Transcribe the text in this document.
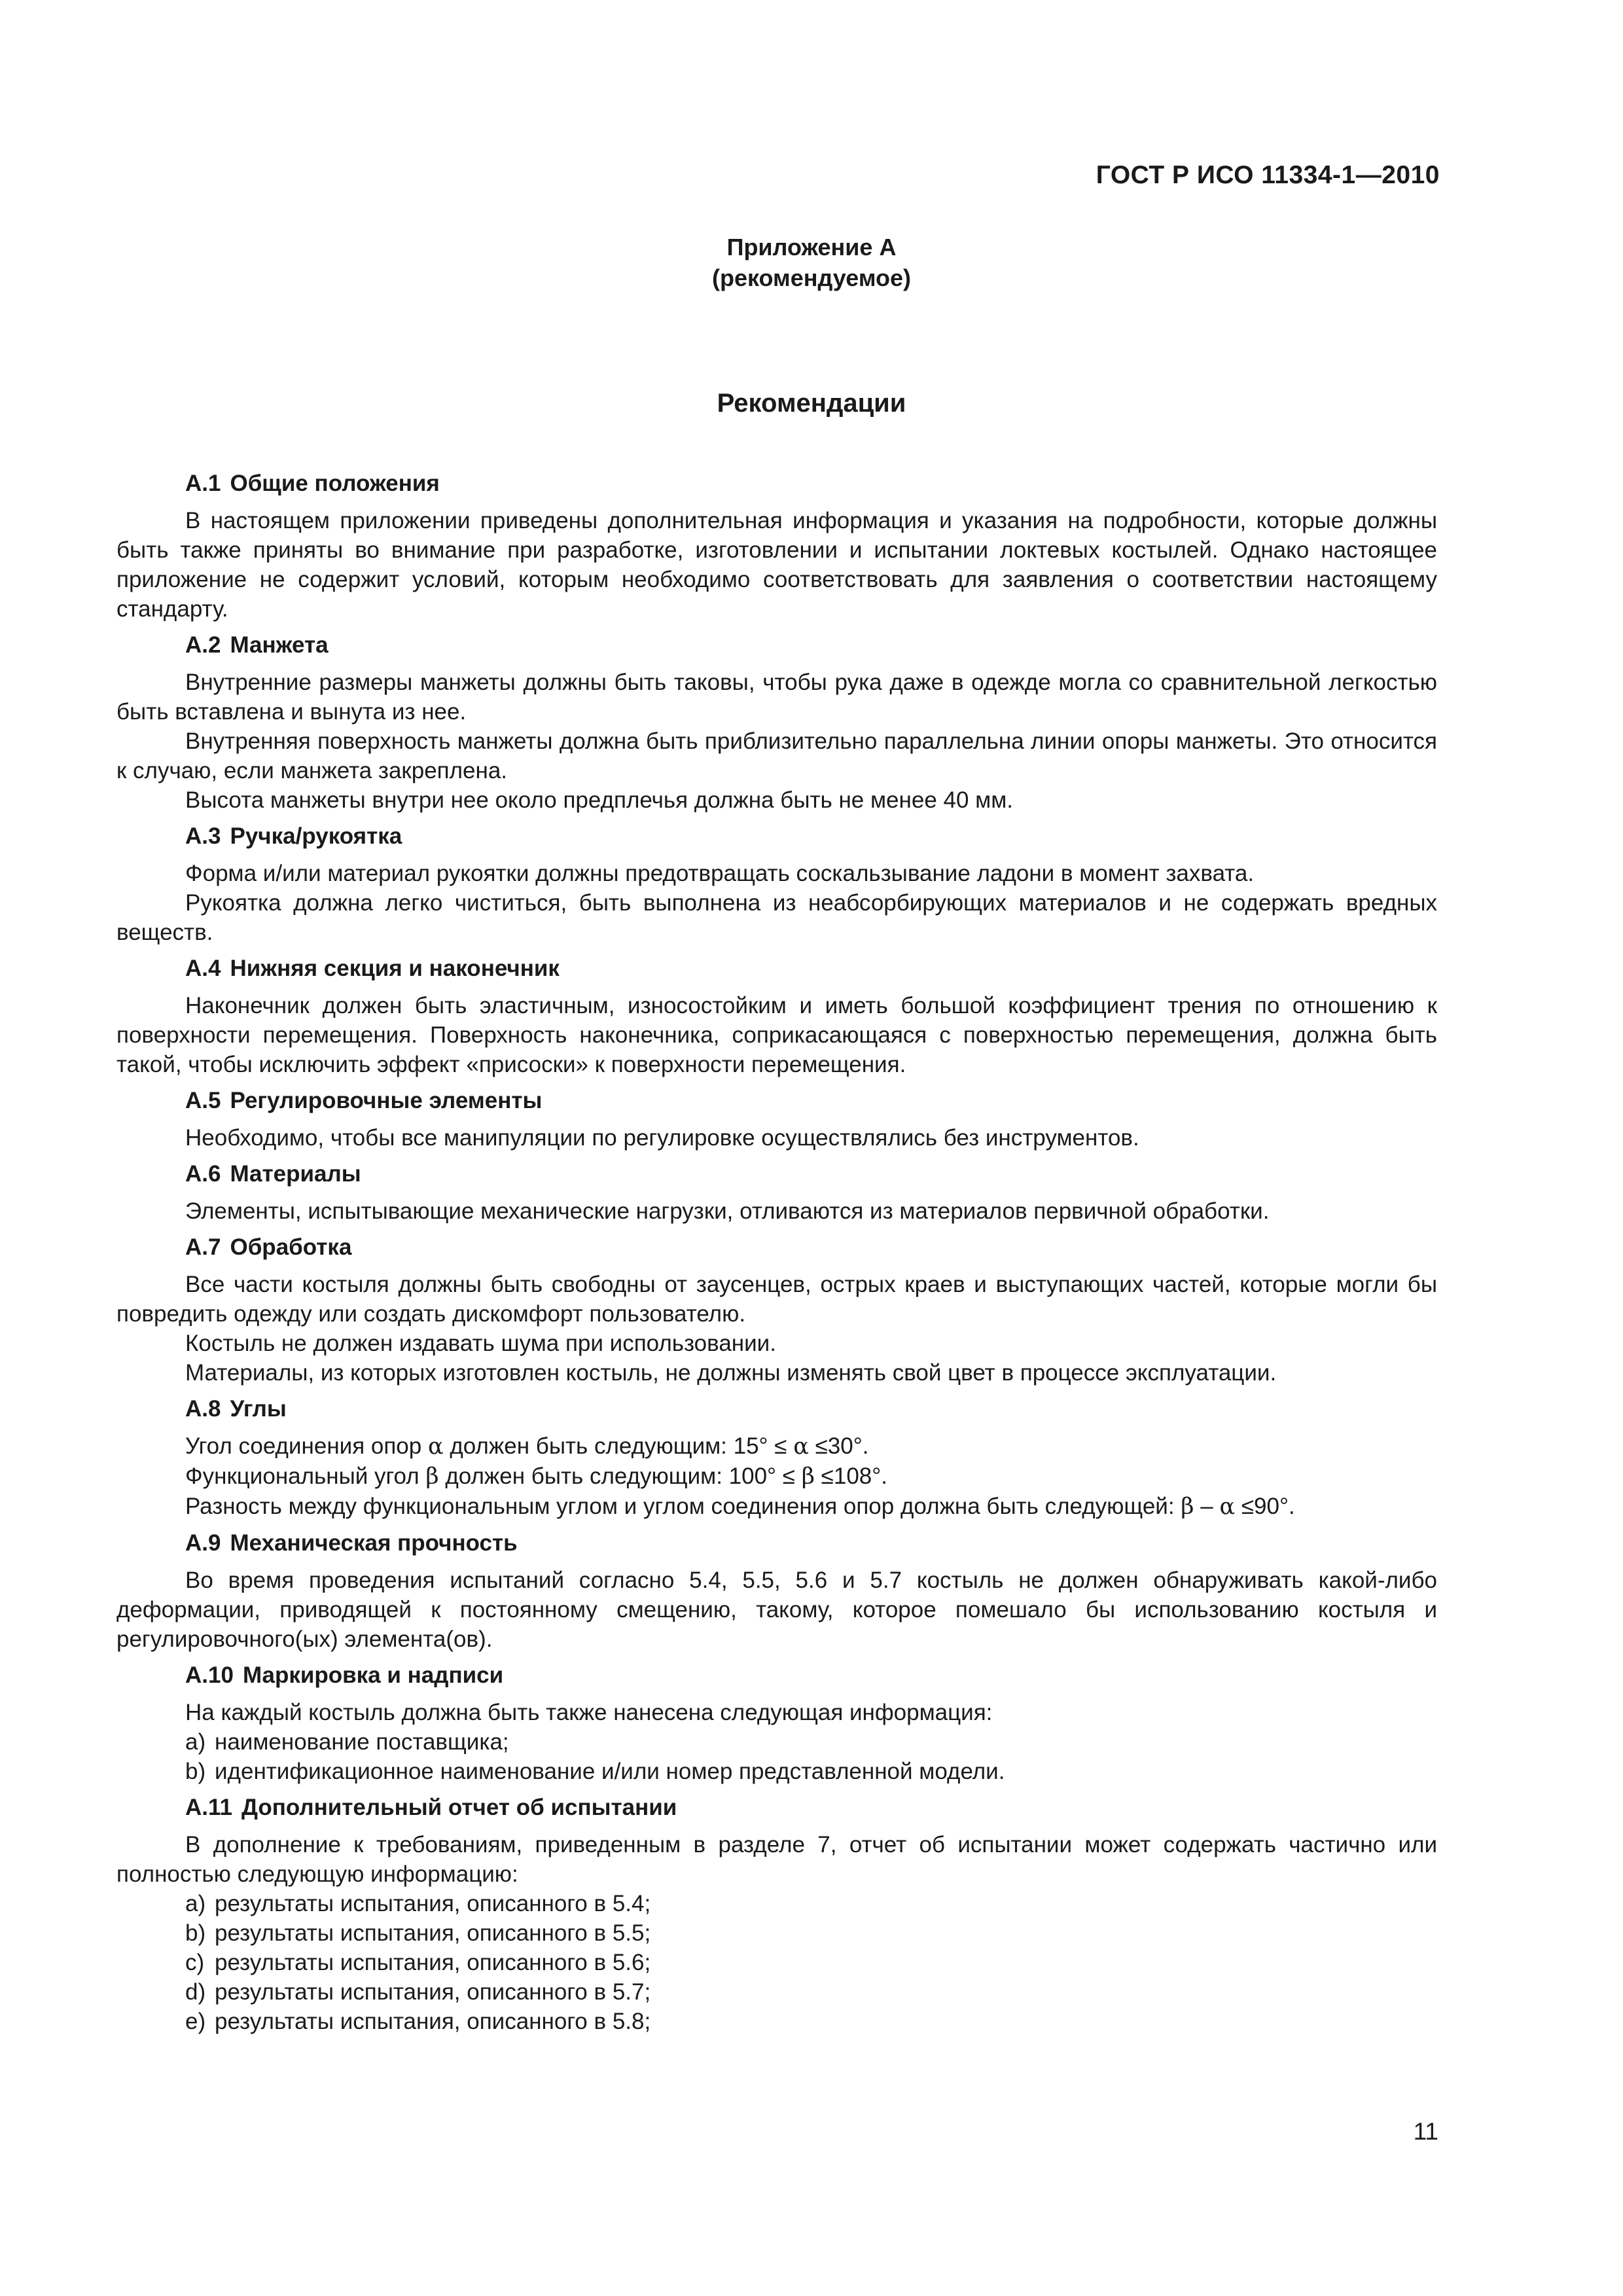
ГОСТ Р ИСО 11334-1—2010
Приложение А
(рекомендуемое)
Рекомендации
А.1 Общие положения

В настоящем приложении приведены дополнительная информация и указания на подробности, которые должны быть также приняты во внимание при разработке, изготовлении и испытании локтевых костылей. Однако настоящее приложение не содержит условий, которым необходимо соответствовать для заявления о соответствии настоящему стандарту.

А.2 Манжета

Внутренние размеры манжеты должны быть таковы, чтобы рука даже в одежде могла со сравнительной легкостью быть вставлена и вынута из нее.

Внутренняя поверхность манжеты должна быть приблизительно параллельна линии опоры манжеты. Это относится к случаю, если манжета закреплена.

Высота манжеты внутри нее около предплечья должна быть не менее 40 мм.

А.3 Ручка/рукоятка

Форма и/или материал рукоятки должны предотвращать соскальзывание ладони в момент захвата.

Рукоятка должна легко чиститься, быть выполнена из неабсорбирующих материалов и не содержать вредных веществ.

А.4 Нижняя секция и наконечник

Наконечник должен быть эластичным, износостойким и иметь большой коэффициент трения по отношению к поверхности перемещения. Поверхность наконечника, соприкасающаяся с поверхностью перемещения, должна быть такой, чтобы исключить эффект «присоски» к поверхности перемещения.

А.5 Регулировочные элементы

Необходимо, чтобы все манипуляции по регулировке осуществлялись без инструментов.

А.6 Материалы

Элементы, испытывающие механические нагрузки, отливаются из материалов первичной обработки.

А.7 Обработка

Все части костыля должны быть свободны от заусенцев, острых краев и выступающих частей, которые могли бы повредить одежду или создать дискомфорт пользователю.

Костыль не должен издавать шума при использовании.

Материалы, из которых изготовлен костыль, не должны изменять свой цвет в процессе эксплуатации.

А.8 Углы

Угол соединения опор α должен быть следующим: 15° ≤ α ≤30°.

Функциональный угол β должен быть следующим: 100° ≤ β ≤108°.

Разность между функциональным углом и углом соединения опор должна быть следующей: β – α ≤90°.

А.9 Механическая прочность

Во время проведения испытаний согласно 5.4, 5.5, 5.6 и 5.7 костыль не должен обнаруживать какой-либо деформации, приводящей к постоянному смещению, такому, которое помешало бы использованию костыля и регулировочного(ых) элемента(ов).

А.10 Маркировка и надписи

На каждый костыль должна быть также нанесена следующая информация:

a) наименование поставщика;

b) идентификационное наименование и/или номер представленной модели.

А.11 Дополнительный отчет об испытании

В дополнение к требованиям, приведенным в разделе 7, отчет об испытании может содержать частично или полностью следующую информацию:

a) результаты испытания, описанного в 5.4;

b) результаты испытания, описанного в 5.5;

c) результаты испытания, описанного в 5.6;

d) результаты испытания, описанного в 5.7;

e) результаты испытания, описанного в 5.8;

11
